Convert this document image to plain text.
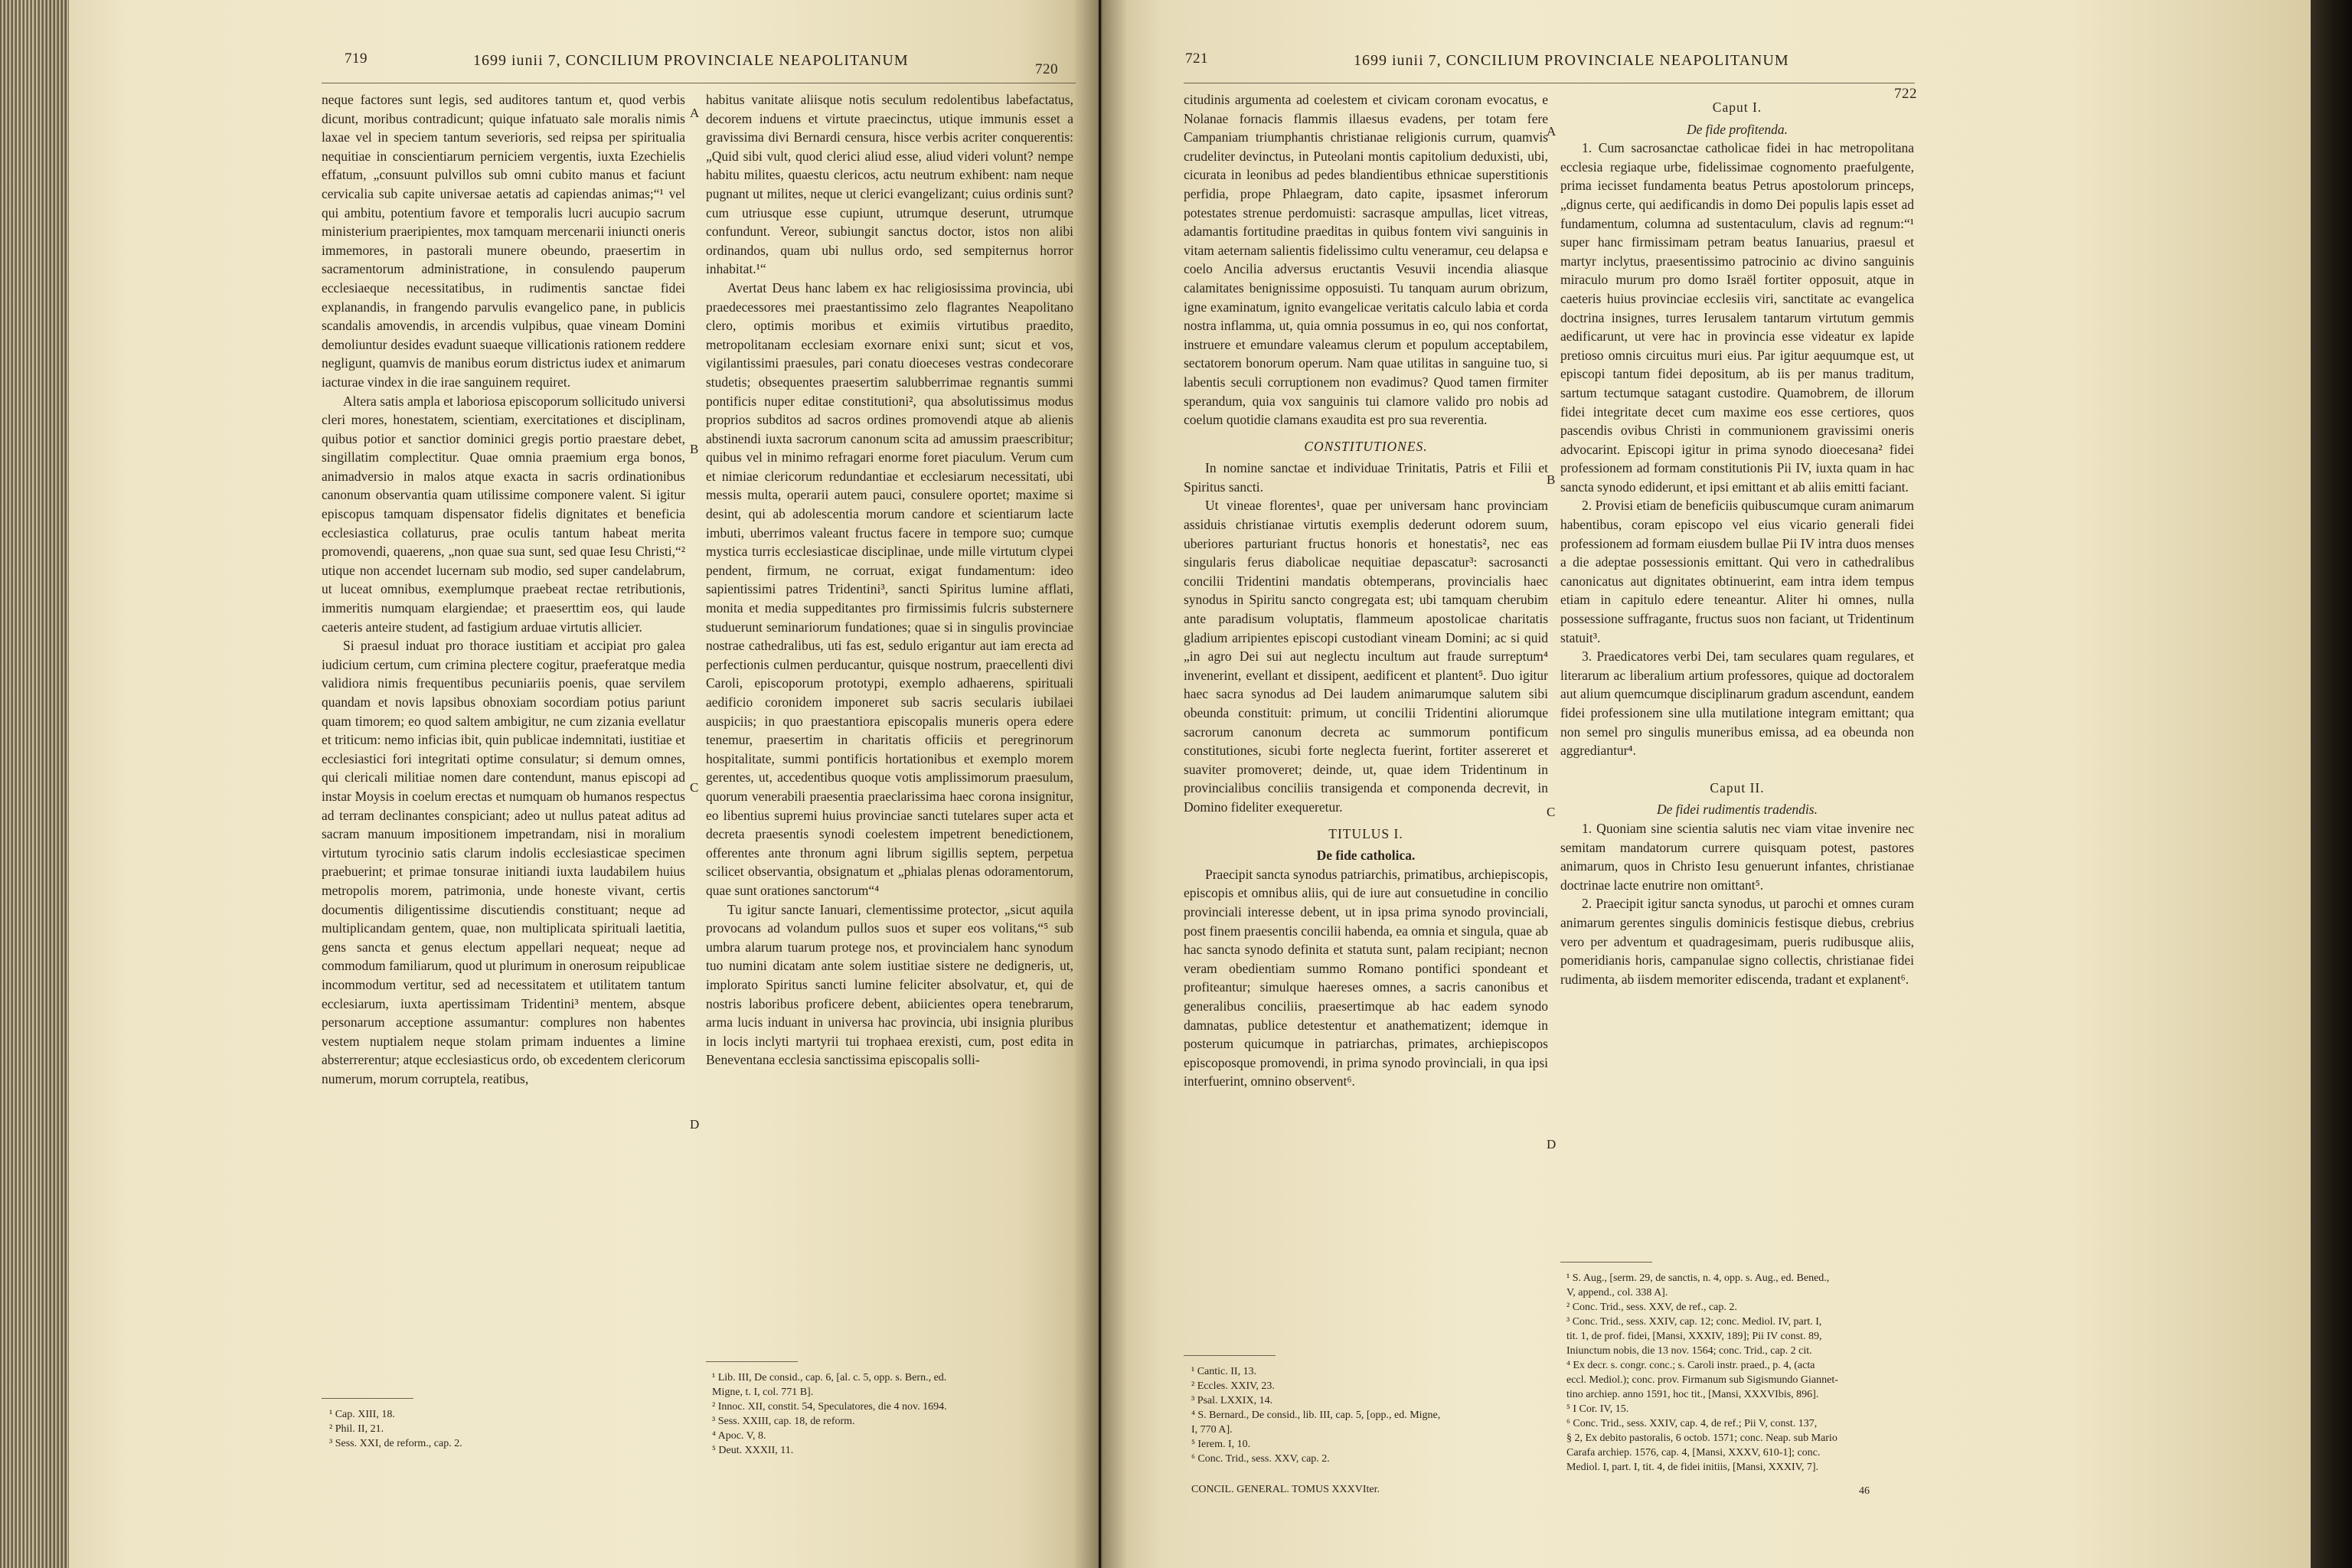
719	1699 iunii 7, CONCILIUM PROVINCIALE NEAPOLITANUM
720

neque factores sunt legis, sed auditores tantum et, quod verbis dicunt, moribus contradicunt; quique infatuato sale moralis nimis laxae vel in speciem tantum severioris, sed reipsa per spiritualia nequitiae in conscientiarum perniciem vergentis, iuxta Ezechielis effatum, „consuunt pulvillos sub omni cubito manus et faciunt cervicalia sub capite universae aetatis ad capiendas animas;“¹ vel qui ambitu, potentium favore et temporalis lucri aucupio sacrum ministerium praeripientes, mox tamquam mercenarii iniuncti oneris immemores, in pastorali munere obeundo, praesertim in sacramentorum administratione, in consulendo pauperum ecclesiaeque necessitatibus, in rudimentis sanctae fidei explanandis, in frangendo parvulis evangelico pane, in publicis scandalis amovendis, in arcendis vulpibus, quae vineam Domini demoliuntur desides evadunt suaeque villicationis rationem reddere negligunt, quamvis de manibus eorum districtus iudex et animarum iacturae vindex in die irae sanguinem requiret.

Altera satis ampla et laboriosa episcoporum sollicitudo universi cleri mores, honestatem, scientiam, exercitationes et disciplinam, quibus potior et sanctior dominici gregis portio praestare debet, singillatim complectitur. Quae omnia praemium erga bonos, animadversio in malos atque exacta in sacris ordinationibus canonum observantia quam utilissime componere valent. Si igitur episcopus tamquam dispensator fidelis dignitates et beneficia ecclesiastica collaturus, prae oculis tantum habeat merita promovendi, quaerens, „non quae sua sunt, sed quae Iesu Christi,“² utique non accendet lucernam sub modio, sed super candelabrum, ut luceat omnibus, exemplumque praebeat rectae retributionis, immeritis numquam elargiendae; et praeserttim eos, qui laude caeteris anteire student, ad fastigium arduae virtutis allicieт.

Si praesul induat pro thorace iustitiam et accipiat pro galea iudicium certum, cum crimina plectere cogitur, praeferatque media validiora nimis frequentibus pecuniariis poenis, quae servilem quandam et novis lapsibus obnoxiam socordiam potius pariunt quam timorem; eo quod saltem ambigitur, ne cum zizania evellatur et triticum: nemo inficias ibit, quin publicae indemnitati, iustitiae et ecclesiastici fori integritati optime consulatur; si demum omnes, qui clericali militiae nomen dare contendunt, manus episcopi ad instar Moysis in coelum erectas et numquam ob humanos respectus ad terram declinantes conspiciant; adeo ut nullus pateat aditus ad sacram manuum impositionem impetrandam, nisi in moralium virtutum tyrocinio satis clarum indolis ecclesiasticae specimen praebuerint; et primae tonsurae initiandi iuxta laudabilem huius metropolis morem, patrimonia, unde honeste vivant, certis documentis diligentissime discutiendis constituant; neque ad multiplicandam gentem, quae, non multiplicata spirituali laetitia, gens sancta et genus electum appellari nequeat; neque ad commodum familiarum, quod ut plurimum in onerosum reipublicae incommodum vertitur, sed ad necessitatem et utilitatem tantum ecclesiarum, iuxta apertissimam Tridentini³ mentem, absque personarum acceptione assumantur: complures non habentes vestem nuptialem neque stolam primam induentes a limine absterrerentur; atque ecclesiasticus ordo, ob excedentem clericorum numerum, morum corruptela, reatibus,

habitus vanitate aliisque notis seculum redolentibus labefactatus, decorem induens et virtute praecinctus, utique immunis esset a gravissima divi Bernardi censura, hisce verbis acriter conquerentis: „Quid sibi vult, quod clerici aliud esse, aliud videri volunt? nempe habitu milites, quaestu clericos, actu neutrum exhibent: nam neque pugnant ut milites, neque ut clerici evangelizant; cuius ordinis sunt? cum utriusque esse cupiunt, utrumque deserunt, utrumque confundunt. Vereor, subiungit sanctus doctor, istos non alibi ordinandos, quam ubi nullus ordo, sed sempiternus horror inhabitat.¹“

Avertat Deus hanc labem ex hac religiosissima provincia, ubi praedecessores mei praestantissimo zelo flagrantes Neapolitano clero, optimis moribus et eximiis virtutibus praedito, metropolitanam ecclesiam exornare enixi sunt; sicut et vos, vigilantissimi praesules, pari conatu dioeceses vestras condecorare studetis; obsequentes praesertim salubberrimae regnantis summi pontificis nuper editae constitutioni², qua absolutissimus modus proprios subditos ad sacros ordines promovendi atque ab alienis abstinendi iuxta sacrorum canonum scita ad amussim praescribitur; quibus vel in minimo refragari enorme foret piaculum. Verum cum et nimiae clericorum redundantiae et ecclesiarum necessitati, ubi messis multa, operarii autem pauci, consulere oportet; maxime si desint, qui ab adolescentia morum candore et scientiarum lacte imbuti, uberrimos valeant fructus facere in tempore suo; cumque mystica turris ecclesiasticae disciplinae, unde mille virtutum clypei pendent, firmum, ne corruat, exigat fundamentum: ideo sapientissimi patres Tridentini³, sancti Spiritus lumine afflati, monita et media suppeditantes pro firmissimis fulcris substernere studuerunt seminariorum fundationes; quae si in singulis provinciae nostrae cathedralibus, uti fas est, sedulo erigantur aut iam erecta ad perfectionis culmen perducantur, quisque nostrum, praecellenti divi Caroli, episcoporum prototypi, exemplo adhaerens, spirituali aedificio coronidem imponeret sub sacris secularis iubilaei auspiciis; in quo praestantiora episcopalis muneris opera edere tenemur, praesertim in charitatis officiis et peregrinorum hospitalitate, summi pontificis hortationibus et exemplo morem gerentes, ut, accedentibus quoque votis amplissimorum praesulum, quorum venerabili praesentia praeclarissima haec corona insignitur, eo libentius supremi huius provinciae sancti tutelares super acta et decreta praesentis synodi coelestem impetrent benedictionem, offerentes ante thronum agni librum sigillis septem, perpetua scilicet observantia, obsignatum et „phialas plenas odoramentorum, quae sunt orationes sanctorum“⁴

Tu igitur sancte Ianuari, clementissime protector, „sicut aquila provocans ad volandum pullos suos et super eos volitans,“⁵ sub umbra alarum tuarum protege nos, et provincialem hanc synodum tuo numini dicatam ante solem iustitiae sistere ne dedigneris, ut, implorato Spiritus sancti lumine feliciter absolvatur, et, qui de nostris laboribus proficere debent, abiicientes opera tenebrarum, arma lucis induant in universa hac provincia, ubi insignia pluribus in locis inclyti martyrii tui trophaea erexisti, cum, post edita in Beneventana ecclesia sanctissima episcopalis solli-

A
B
C
D
¹ Cap. XIII, 18.
² Phil. II, 21.
³ Sess. XXI, de reform., cap. 2.
¹ Lib. III, De consid., cap. 6, [al. c. 5, opp. s. Bern., ed.
Migne, t. I, col. 771 B].
² Innoc. XII, constit. 54, Speculatores, die 4 nov. 1694.
³ Sess. XXIII, cap. 18, de reform.
⁴ Apoc. V, 8.
⁵ Deut. XXXII, 11.
721	1699 iunii 7, CONCILIUM PROVINCIALE NEAPOLITANUM
722

citudinis argumenta ad coelestem et civicam coronam evocatus, e Nolanae fornacis flammis illaesus evadens, per totam fere Campaniam triumphantis christianae religionis currum, quamvis crudeliter devinctus, in Puteolani montis capitolium deduxisti, ubi, cicurata in leonibus ad pedes blandientibus ethnicae superstitionis perfidia, prope Phlaegram, dato capite, ipsasmet inferorum potestates strenue perdomuisti: sacrasque ampullas, licet vitreas, adamantis fortitudine praeditas in quibus fontem vivi sanguinis in vitam aeternam salientis fidelissimo cultu veneramur, ceu delapsa e coelo Ancilia adversus eructantis Vesuvii incendia aliasque calamitates benignissime opposuisti. Tu tanquam aurum obrizum, igne examinatum, ignito evangelicae veritatis calculo labia et corda nostra inflamma, ut, quia omnia possumus in eo, qui nos confortat, instruere et emundare valeamus clerum et populum acceptabilem, sectatorem bonorum operum. Nam quae utilitas in sanguine tuo, si labentis seculi corruptionem non evadimus? Quod tamen firmiter sperandum, quia vox sanguinis tui clamore valido pro nobis ad coelum quotidie clamans exaudita est pro sua reverentia.

CONSTITUTIONES.

In nomine sanctae et individuae Trinitatis, Patris et Filii et Spiritus sancti.

Ut vineae florentes¹, quae per universam hanc provinciam assiduis christianae virtutis exemplis dederunt odorem suum, uberiores parturiant fructus honoris et honestatis², nec eas singularis ferus diabolicae nequitiae depascatur³: sacrosancti concilii Tridentini mandatis obtemperans, provincialis haec synodus in Spiritu sancto congregata est; ubi tamquam cherubim ante paradisum voluptatis, flammeum apostolicae charitatis gladium arripientes episcopi custodiant vineam Domini; ac si quid „in agro Dei sui aut neglectu incultum aut fraude surreptum⁴ invenerint, evellant et dissipent, aedificent et plantent⁵. Duo igitur haec sacra synodus ad Dei laudem animarumque salutem sibi obeunda constituit: primum, ut concilii Tridentini aliorumque sacrorum canonum decreta ac summorum pontificum constitutiones, sicubi forte neglecta fuerint, fortiter assereret et suaviter promoveret; deinde, ut, quae idem Tridentinum in provincialibus conciliis transigenda et componenda decrevit, in Domino fideliter exequeretur.

TITULUS I.
De fide catholica.

Praecipit sancta synodus patriarchis, primatibus, archiepiscopis, episcopis et omnibus aliis, qui de iure aut consuetudine in concilio provinciali interesse debent, ut in ipsa prima synodo provinciali, post finem praesentis concilii habenda, ea omnia et singula, quae ab hac sancta synodo definita et statuta sunt, palam recipiant; necnon veram obedientiam summo Romano pontifici spondeant et profiteantur; simulque haereses omnes, a sacris canonibus et generalibus conciliis, praesertimque ab hac eadem synodo damnatas, publice detestentur et anathematizent; idemque in posterum quicumque in patriarchas, primates, archiepiscopos episcoposque promovendi, in prima synodo provinciali, in qua ipsi interfuerint, omnino observent⁶.

Caput I.
De fide profitenda.

1. Cum sacrosanctae catholicae fidei in hac metropolitana ecclesia regiaque urbe, fidelissimae cognomento praefulgente, prima iecisset fundamenta beatus Petrus apostolorum princeps, „dignus certe, qui aedificandis in domo Dei populis lapis esset ad fundamentum, columna ad sustentaculum, clavis ad regnum:“¹ super hanc firmissimam petram beatus Ianuarius, praesul et martyr inclytus, praesentissimo patrocinio ac divino sanguinis miraculo murum pro domo Israël fortiter opposuit, atque in caeteris huius provinciae ecclesiis viri, sanctitate ac evangelica doctrina insignes, turres Ierusalem tantarum virtutum gemmis aedificarunt, ut vere hac in provincia esse videatur ex lapide pretioso omnis circuitus muri eius. Par igitur aequumque est, ut episcopi tantum fidei depositum, ab iis per manus traditum, sartum tectumque satagant custodire. Quamobrem, de illorum fidei integritate decet cum maxime eos esse certiores, quos pascendis ovibus Christi in communionem gravissimi oneris advocarint. Episcopi igitur in prima synodo dioecesana² fidei professionem ad formam constitutionis Pii IV, iuxta quam in hac sancta synodo ediderunt, et ipsi emittant et ab aliis emitti faciant.

2. Provisi etiam de beneficiis quibuscumque curam animarum habentibus, coram episcopo vel eius vicario generali fidei professionem ad formam eiusdem bullae Pii IV intra duos menses a die adeptae possessionis emittant. Qui vero in cathedralibus canonicatus aut dignitates obtinuerint, eam intra idem tempus etiam in capitulo edere teneantur. Aliter hi omnes, nulla possessione suffragante, fructus suos non faciant, ut Tridentinum statuit³.

3. Praedicatores verbi Dei, tam seculares quam regulares, et literarum ac liberalium artium professores, quique ad doctoralem aut alium quemcumque disciplinarum gradum ascendunt, eandem fidei professionem sine ulla mutilatione integram emittant; qua non semel pro singulis muneribus emissa, ad ea obeunda non aggrediantur⁴.

Caput II.
De fidei rudimentis tradendis.

1. Quoniam sine scientia salutis nec viam vitae invenire nec semitam mandatorum currere quisquam potest, pastores animarum, quos in Christo Iesu genuerunt infantes, christianae doctrinae lacte enutrire non omittant⁵.

2. Praecipit igitur sancta synodus, ut parochi et omnes curam animarum gerentes singulis dominicis festisque diebus, crebrius vero per adventum et quadragesimam, pueris rudibusque aliis, pomeridianis horis, campanulae signo collectis, christianae fidei rudimenta, ab iisdem memoriter ediscenda, tradant et explanent⁶.

A
B
C
D
¹ Cantic. II, 13.
² Eccles. XXIV, 23.
³ Psal. LXXIX, 14.
⁴ S. Bernard., De consid., lib. III, cap. 5, [opp., ed. Migne,
I, 770 A].
⁵ Ierem. I, 10.
⁶ Conc. Trid., sess. XXV, cap. 2.
CONCIL. GENERAL. TOMUS XXXVIter.
¹ S. Aug., [serm. 29, de sanctis, n. 4, opp. s. Aug., ed. Bened.,
V, append., col. 338 A].
² Conc. Trid., sess. XXV, de ref., cap. 2.
³ Conc. Trid., sess. XXIV, cap. 12; conc. Mediol. IV, part. I,
tit. 1, de prof. fidei, [Mansi, XXXIV, 189]; Pii IV const. 89,
Iniunctum nobis, die 13 nov. 1564; conc. Trid., cap. 2 cit.
⁴ Ex decr. s. congr. conc.; s. Caroli instr. praed., p. 4, (acta
eccl. Mediol.); conc. prov. Firmanum sub Sigismundo Giannet-
tino archiep. anno 1591, hoc tit., [Mansi, XXXVIbis, 896].
⁵ I Cor. IV, 15.
⁶ Conc. Trid., sess. XXIV, cap. 4, de ref.; Pii V, const. 137,
§ 2, Ex debito pastoralis, 6 octob. 1571; conc. Neap. sub Mario
Carafa archiep. 1576, cap. 4, [Mansi, XXXV, 610-1]; conc.
Mediol. I, part. I, tit. 4, de fidei initiis, [Mansi, XXXIV, 7].
46
